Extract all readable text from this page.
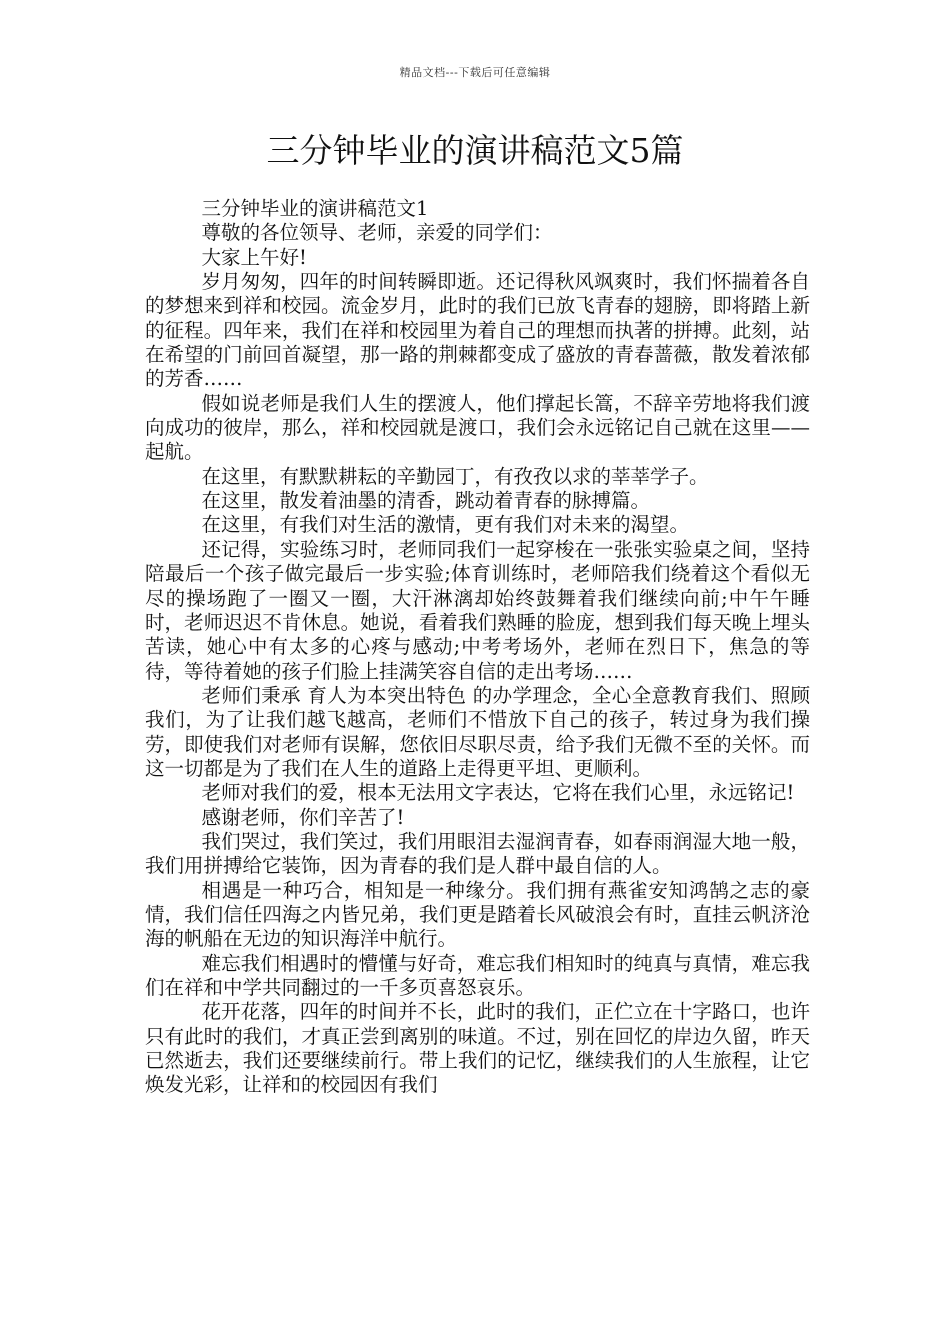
精品文档---下载后可任意编辑
三分钟毕业的演讲稿范文5篇

三分钟毕业的演讲稿范文1

尊敬的各位领导、老师，亲爱的同学们：

大家上午好!

岁月匆匆，四年的时间转瞬即逝。还记得秋风飒爽时，我们怀揣着各自的梦想来到祥和校园。流金岁月，此时的我们已放飞青春的翅膀，即将踏上新的征程。四年来，我们在祥和校园里为着自己的理想而执著的拼搏。此刻，站在希望的门前回首凝望，那一路的荆棘都变成了盛放的青春蔷薇，散发着浓郁的芳香……

假如说老师是我们人生的摆渡人，他们撑起长篙，不辞辛劳地将我们渡向成功的彼岸，那么，祥和校园就是渡口，我们会永远铭记自己就在这里——起航。

在这里，有默默耕耘的辛勤园丁，有孜孜以求的莘莘学子。

在这里，散发着油墨的清香，跳动着青春的脉搏篇。

在这里，有我们对生活的激情，更有我们对未来的渴望。

还记得，实验练习时，老师同我们一起穿梭在一张张实验桌之间，坚持陪最后一个孩子做完最后一步实验;体育训练时，老师陪我们绕着这个看似无尽的操场跑了一圈又一圈，大汗淋漓却始终鼓舞着我们继续向前;中午午睡时，老师迟迟不肯休息。她说，看着我们熟睡的脸庞，想到我们每天晚上埋头苦读，她心中有太多的心疼与感动;中考考场外，老师在烈日下，焦急的等待，等待着她的孩子们脸上挂满笑容自信的走出考场……

老师们秉承 育人为本突出特色 的办学理念，全心全意教育我们、照顾我们，为了让我们越飞越高，老师们不惜放下自己的孩子，转过身为我们操劳，即使我们对老师有误解，您依旧尽职尽责，给予我们无微不至的关怀。而这一切都是为了我们在人生的道路上走得更平坦、更顺利。

老师对我们的爱，根本无法用文字表达，它将在我们心里，永远铭记!

感谢老师，你们辛苦了!

我们哭过，我们笑过，我们用眼泪去湿润青春，如春雨润湿大地一般，我们用拼搏给它装饰，因为青春的我们是人群中最自信的人。

相遇是一种巧合，相知是一种缘分。我们拥有燕雀安知鸿鹄之志的豪情，我们信任四海之内皆兄弟，我们更是踏着长风破浪会有时，直挂云帆济沧海的帆船在无边的知识海洋中航行。

难忘我们相遇时的懵懂与好奇，难忘我们相知时的纯真与真情，难忘我们在祥和中学共同翻过的一千多页喜怒哀乐。

花开花落，四年的时间并不长，此时的我们，正伫立在十字路口，也许只有此时的我们，才真正尝到离别的味道。不过，别在回忆的岸边久留，昨天已然逝去，我们还要继续前行。带上我们的记忆，继续我们的人生旅程，让它焕发光彩，让祥和的校园因有我们
